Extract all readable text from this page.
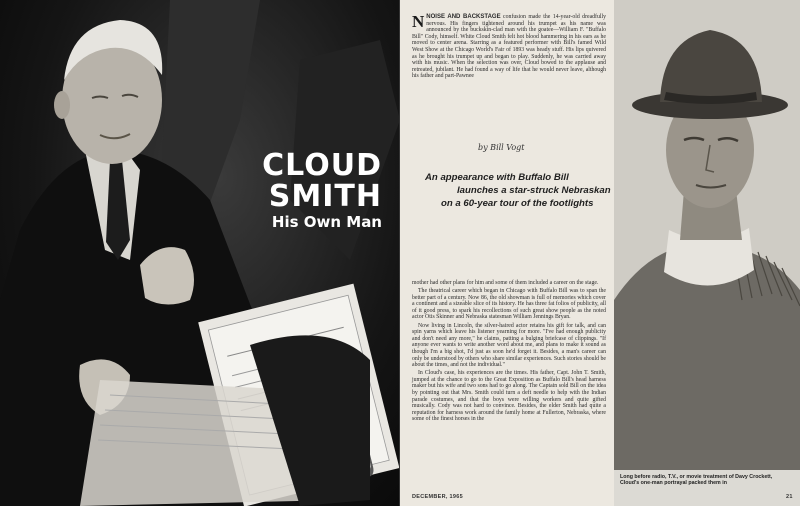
CLOUD
SMITH
His Own Man

NNOISE AND BACKSTAGE confusion made the 14-year-old dreadfully nervous. His fingers tightened around his trumpet as his name was announced by the buckskin-clad man with the goatee—William F. "Buffalo Bill" Cody, himself. White Cloud Smith felt hot blood hammering in his ears as he moved to center arena. Starring as a featured performer with Bill's famed Wild West Show at the Chicago World's Fair of 1893 was heady stuff. His lips quivered as he brought his trumpet up and began to play. Suddenly, he was carried away with his music. When the selection was over, Cloud bowed to the applause and retreated, jubilant. He had found a way of life that he would never leave, although his father and part-Pawnee

mother had other plans for him and some of them included a career on the stage.

The theatrical career which began in Chicago with Buffalo Bill was to span the better part of a century. Now 86, the old showman is full of memories which cover a continent and a sizeable slice of its history. He has three fat folios of publicity, all of it good press, to spark his recollections of such great show people as the noted actor Otis Skinner and Nebraska statesman William Jennings Bryan.

Now living in Lincoln, the silver-haired actor retains his gift for talk, and can spin yarns which leave his listener yearning for more. "I've had enough publicity and don't need any more," he claims, patting a bulging briefcase of clippings. "If anyone ever wants to write another word about me, and plans to make it sound as though I'm a big shot, I'd just as soon he'd forget it. Besides, a man's career can only be understood by others who share similar experiences. Such stories should be about the times, and not the individual."

In Cloud's case, his experiences are the times. His father, Capt. John T. Smith, jumped at the chance to go to the Great Exposition as Buffalo Bill's head harness maker but his wife and two sons had to go along. The Captain sold Bill on the idea by pointing out that Mrs. Smith could turn a deft needle to help with the Indian parade costumes, and that the boys were willing workers and quite gifted musically. Cody was not hard to convince. Besides, the elder Smith had quite a reputation for harness work around the family home at Fullerton, Nebraska, where some of the finest horses in the

by Bill Vogt
An appearance with Buffalo Bill
launches a star-struck Nebraskan
on a 60-year tour of the footlights
DECEMBER, 1965
Long before radio, T.V., or movie treatment of Davy Crockett, Cloud's one-man portrayal packed them in
21
